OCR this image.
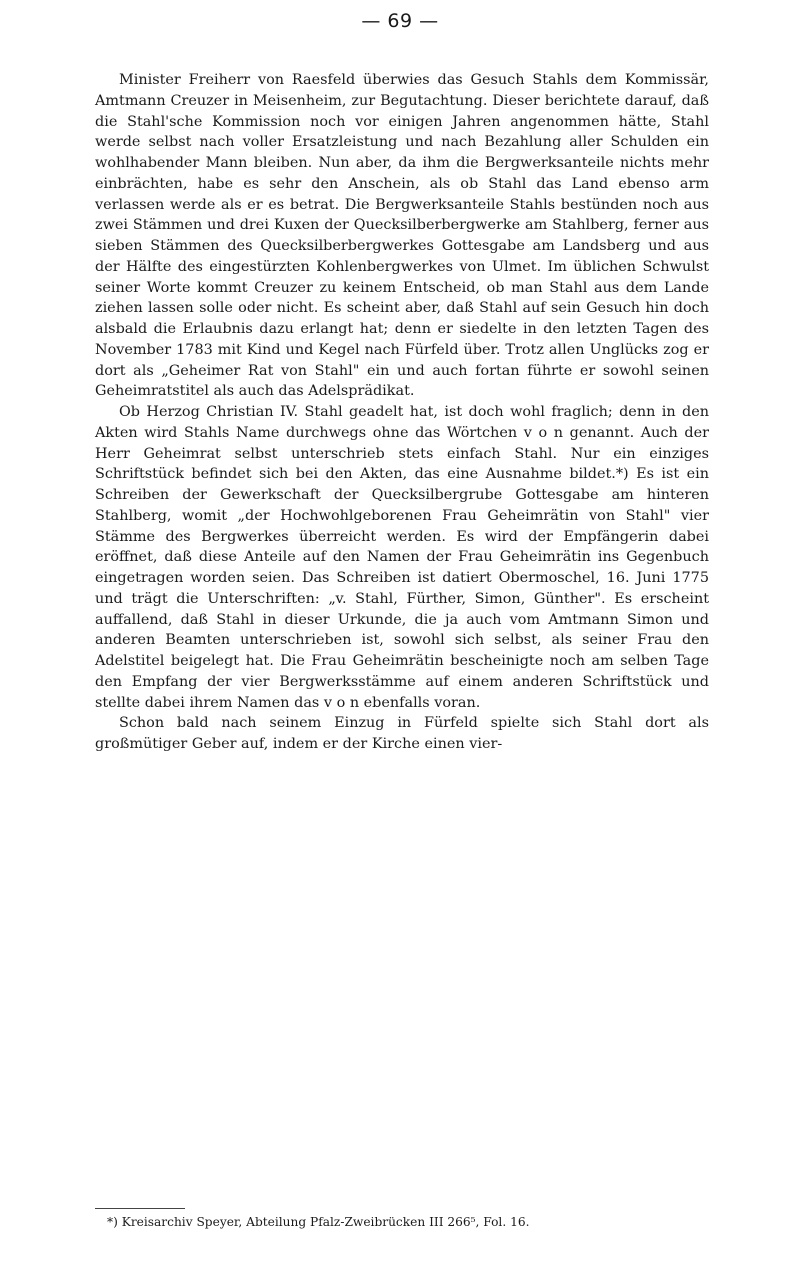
— 69 —

Minister Freiherr von Raesfeld überwies das Gesuch Stahls dem Kommissär, Amtmann Creuzer in Meisenheim, zur Begutachtung. Dieser berichtete darauf, daß die Stahl'sche Kommission noch vor einigen Jahren angenommen hätte, Stahl werde selbst nach voller Ersatzleistung und nach Bezahlung aller Schulden ein wohlhabender Mann bleiben. Nun aber, da ihm die Bergwerksanteile nichts mehr einbrächten, habe es sehr den Anschein, als ob Stahl das Land ebenso arm verlassen werde als er es betrat. Die Bergwerksanteile Stahls bestünden noch aus zwei Stämmen und drei Kuxen der Quecksilberbergwerke am Stahlberg, ferner aus sieben Stämmen des Quecksilberbergwerkes Gottesgabe am Landsberg und aus der Hälfte des eingestürzten Kohlenbergwerkes von Ulmet. Im üblichen Schwulst seiner Worte kommt Creuzer zu keinem Entscheid, ob man Stahl aus dem Lande ziehen lassen solle oder nicht. Es scheint aber, daß Stahl auf sein Gesuch hin doch alsbald die Erlaubnis dazu erlangt hat; denn er siedelte in den letzten Tagen des November 1783 mit Kind und Kegel nach Fürfeld über. Trotz allen Unglücks zog er dort als „Geheimer Rat von Stahl" ein und auch fortan führte er sowohl seinen Geheimratstitel als auch das Adelsprädikat.

Ob Herzog Christian IV. Stahl geadelt hat, ist doch wohl fraglich; denn in den Akten wird Stahls Name durchwegs ohne das Wörtchen v o n genannt. Auch der Herr Geheimrat selbst unterschrieb stets einfach Stahl. Nur ein einziges Schriftstück befindet sich bei den Akten, das eine Ausnahme bildet.*) Es ist ein Schreiben der Gewerkschaft der Quecksilbergrube Gottesgabe am hinteren Stahlberg, womit „der Hochwohlgeborenen Frau Geheimrätin von Stahl" vier Stämme des Bergwerkes überreicht werden. Es wird der Empfängerin dabei eröffnet, daß diese Anteile auf den Namen der Frau Geheimrätin ins Gegenbuch eingetragen worden seien. Das Schreiben ist datiert Obermoschel, 16. Juni 1775 und trägt die Unterschriften: „v. Stahl, Fürther, Simon, Günther". Es erscheint auffallend, daß Stahl in dieser Urkunde, die ja auch vom Amtmann Simon und anderen Beamten unterschrieben ist, sowohl sich selbst, als seiner Frau den Adelstitel beigelegt hat. Die Frau Geheimrätin bescheinigte noch am selben Tage den Empfang der vier Bergwerksstämme auf einem anderen Schriftstück und stellte dabei ihrem Namen das v o n ebenfalls voran.

Schon bald nach seinem Einzug in Fürfeld spielte sich Stahl dort als großmütiger Geber auf, indem er der Kirche einen vier-

*) Kreisarchiv Speyer, Abteilung Pfalz-Zweibrücken III 266⁵, Fol. 16.
